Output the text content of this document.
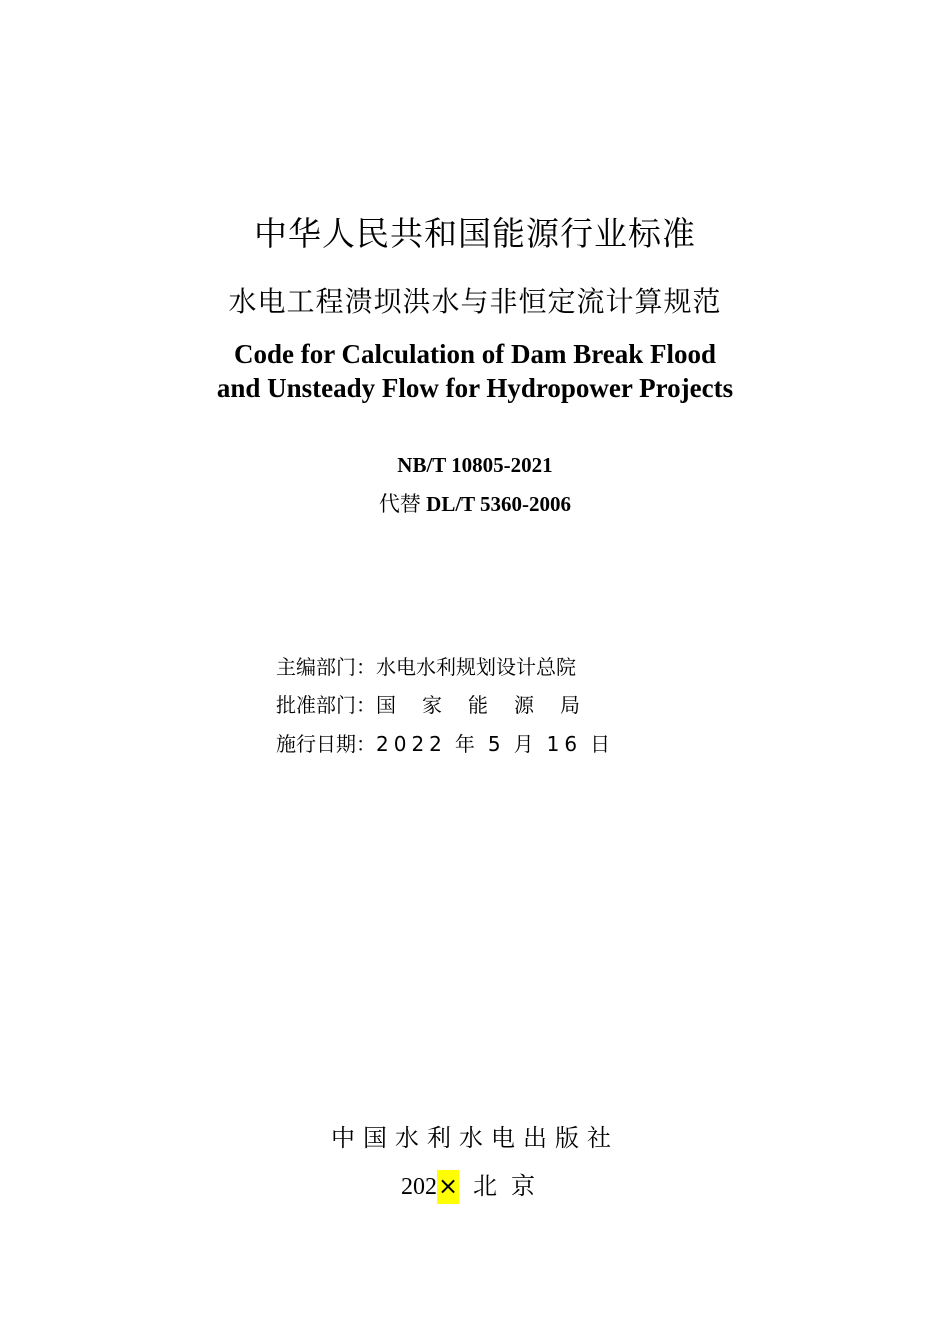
中华人民共和国能源行业标准
水电工程溃坝洪水与非恒定流计算规范
Code for Calculation of Dam Break Flood
and Unsteady Flow for Hydropower Projects
NB/T 10805-2021
代替 DL/T 5360-2006
主编部门：水电水利规划设计总院
批准部门：国家能源局
施行日期：2022 年 5 月 16 日
中国水利水电出版社
202× 北京
